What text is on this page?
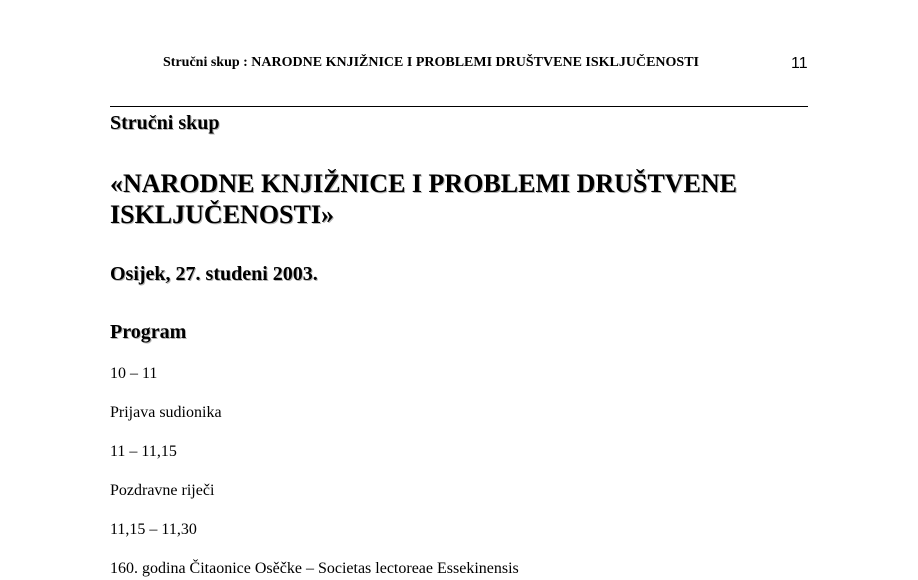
Stručni skup : NARODNE KNJIŽNICE I PROBLEMI DRUŠTVENE ISKLJUČENOSTI	11
Stručni skup
«NARODNE KNJIŽNICE I PROBLEMI DRUŠTVENE ISKLJUČENOSTI»
Osijek, 27. studeni 2003.
Program
10 – 11
Prijava sudionika
11 – 11,15
Pozdravne riječi
11,15 – 11,30
160. godina Čitaonice Osěčke – Societas lectoreae Essekinensis
